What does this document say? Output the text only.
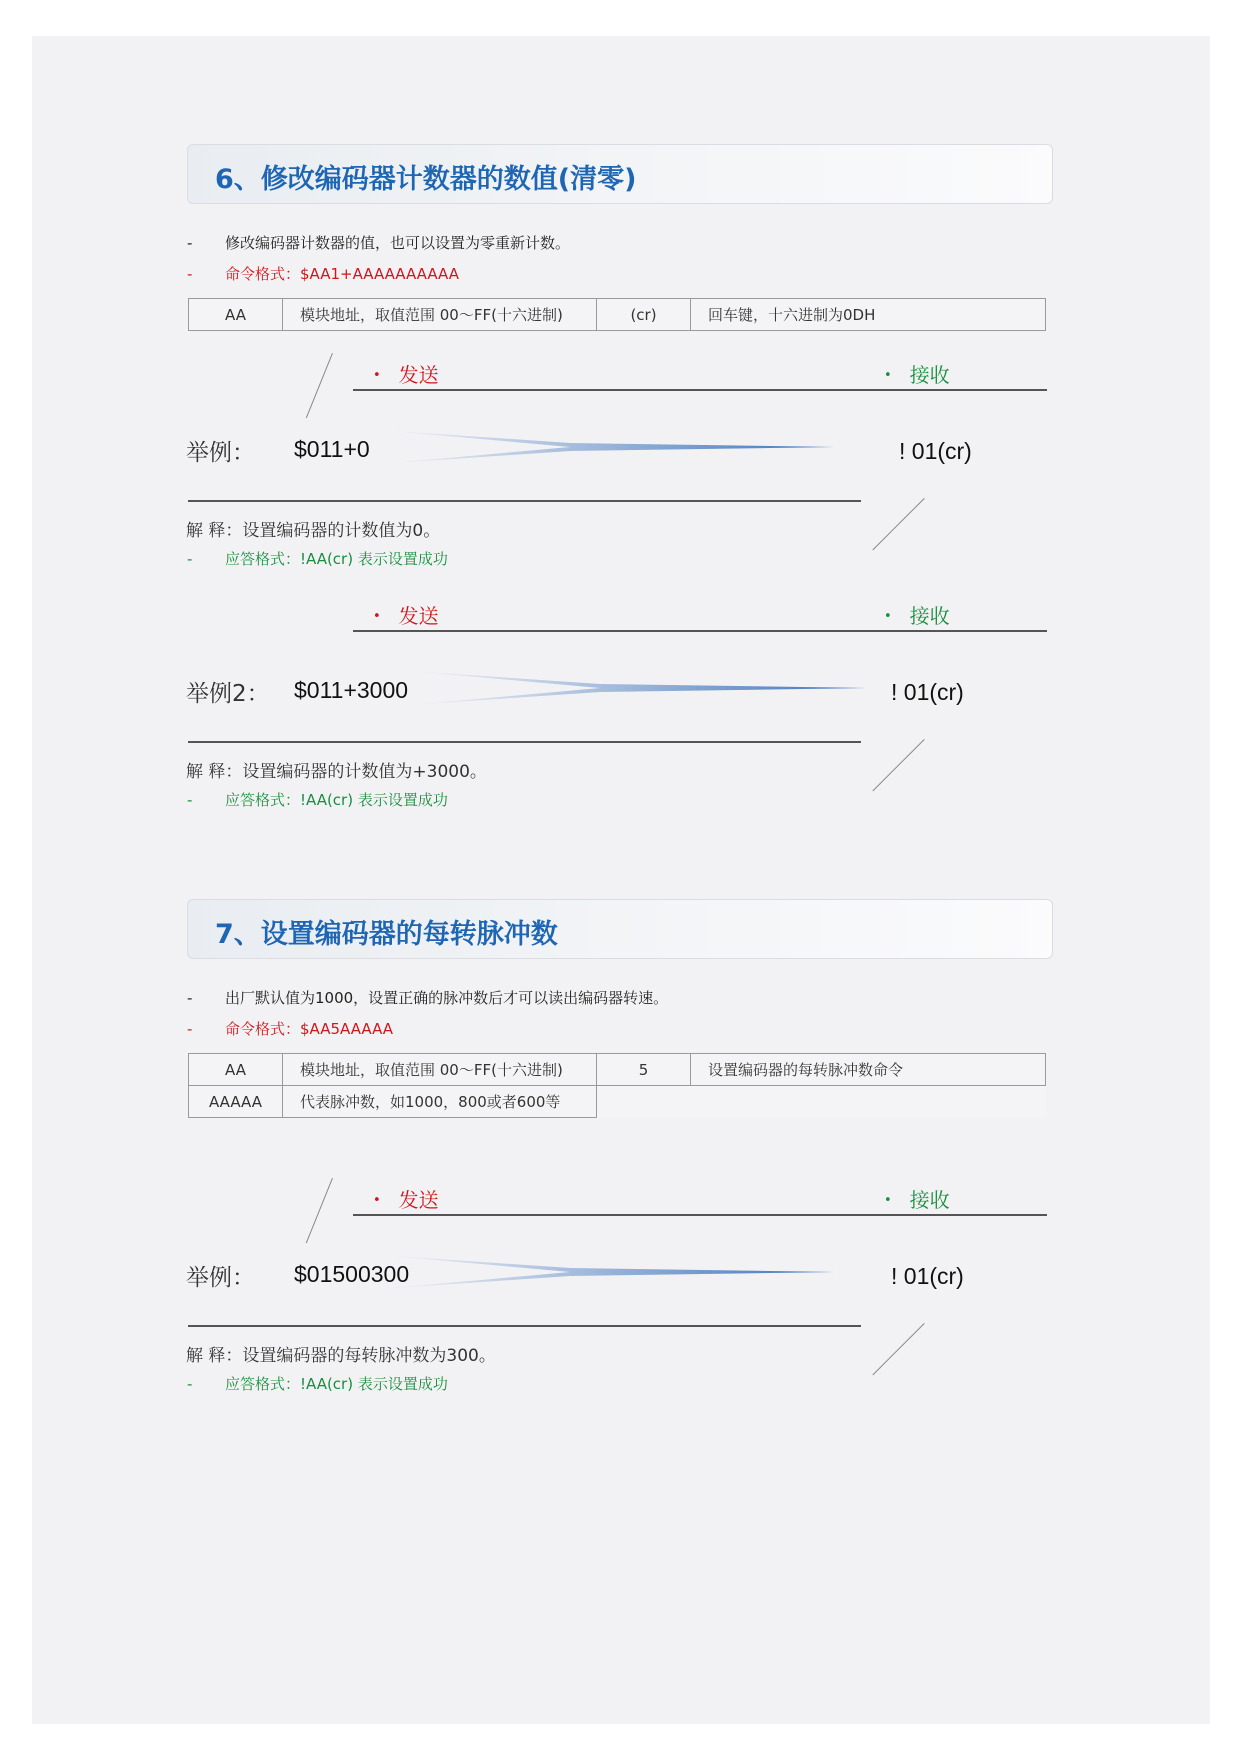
6、修改编码器计数器的数值(清零)
- 修改编码器计数器的值，也可以设置为零重新计数。
- 命令格式：$AA1+AAAAAAAAAA
AA	模块地址，取值范围 00～FF(十六进制)	(cr)	回车键，十六进制为0DH
• 发送	• 接收
举例： $011+0	! 01(cr)
解 释：设置编码器的计数值为0。
- 应答格式：!AA(cr) 表示设置成功
• 发送	• 接收
举例2： $011+3000	! 01(cr)
解 释：设置编码器的计数值为+3000。
- 应答格式：!AA(cr) 表示设置成功
7、设置编码器的每转脉冲数
- 出厂默认值为1000，设置正确的脉冲数后才可以读出编码器转速。
- 命令格式：$AA5AAAAA
AA	模块地址，取值范围 00～FF(十六进制)	5	设置编码器的每转脉冲数命令
AAAAA	代表脉冲数，如1000，800或者600等		
• 发送	• 接收
举例： $01500300	! 01(cr)
解 释：设置编码器的每转脉冲数为300。
- 应答格式：!AA(cr) 表示设置成功
